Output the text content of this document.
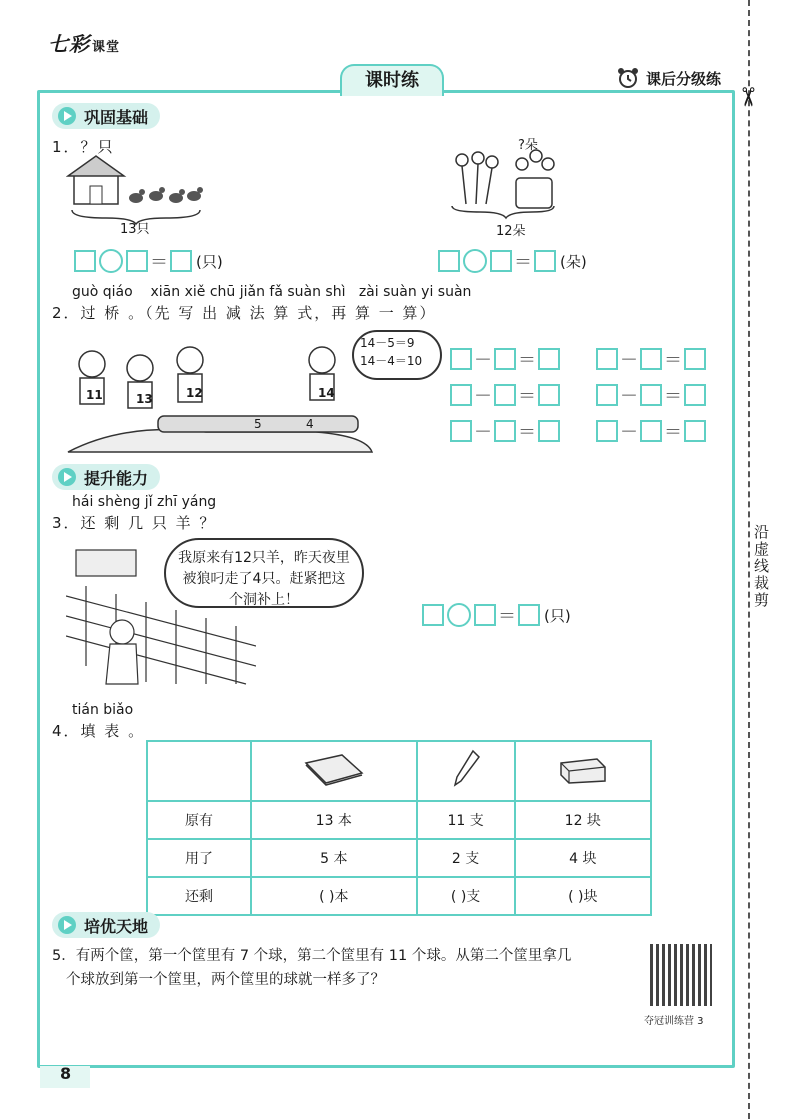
七彩 课堂
课时练	课后分级练
✂
沿虚线裁剪
巩固基础
1．？只
13只
?朵
12朵
＝ (只)	＝ (朵)
guò qiáo    xiān xiě chū jiǎn fǎ suàn shì   zài suàn yi suàn
2．过 桥 。（先 写 出 减 法 算 式，再 算 一 算）
11	13	12	14
5	4
14－5＝9
14－4＝10	－ ＝
－ ＝
－ ＝
－ ＝
－ ＝
－ ＝
提升能力
hái shèng jǐ zhī yáng
3．还 剩 几 只 羊 ？
我原来有12只羊，昨天夜里被狼叼走了4只。赶紧把这个洞补上！
＝ (只)
tián biǎo
4．填 表 。

原有	13 本	11 支	12 块
用了	5 本	2 支	4 块
还剩	( )本	( )支	( )块
培优天地
5．有两个筐，第一个筐里有 7 个球，第二个筐里有 11 个球。从第二个筐里拿几
个球放到第一个筐里，两个筐里的球就一样多了？
夺冠训练营 3
8
